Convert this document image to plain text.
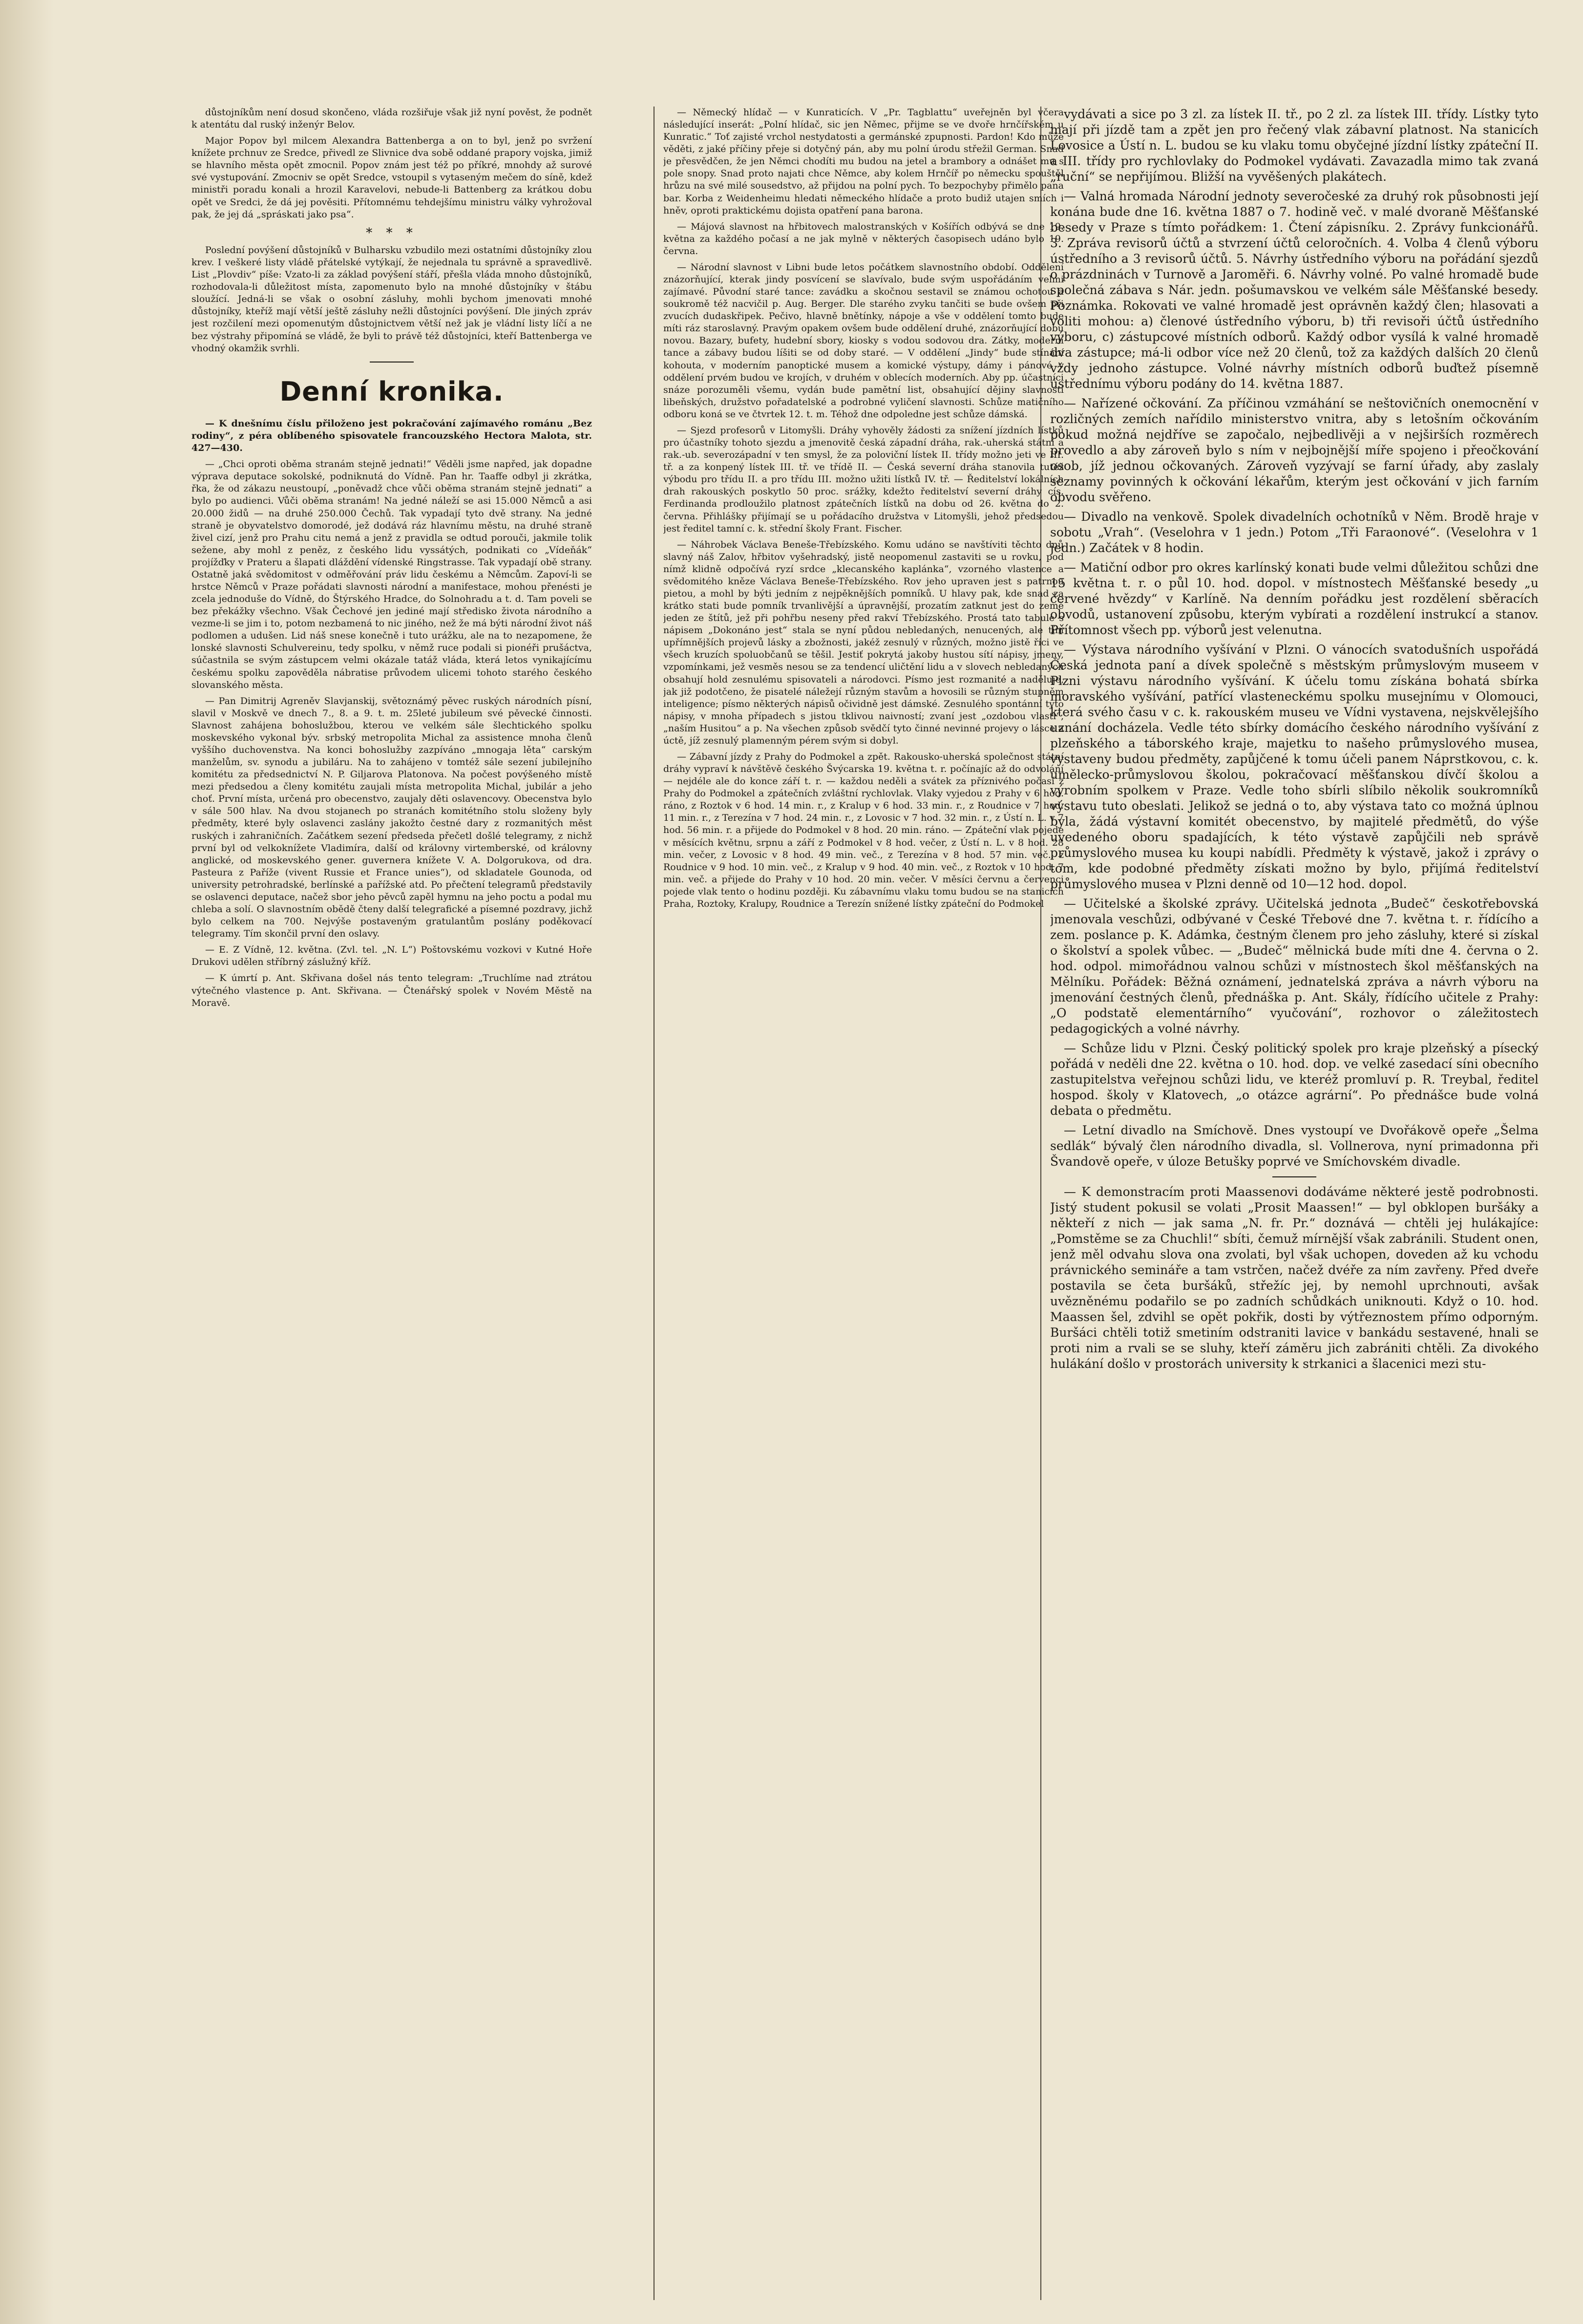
důstojníkům není dosud skončeno, vláda rozšiřuje však již nyní pověst, že podnět k atentátu dal ruský inženýr Belov.

Major Popov byl milcem Alexandra Battenberga a on to byl, jenž po svržení knížete prchnuv ze Sredce, přivedl ze Slivnice dva sobě oddané prapory vojska, jimiž se hlavního města opět zmocnil. Popov znám jest též po příkré, mnohdy až surové své vystupování. Zmocniv se opět Sredce, vstoupil s vytaseným mečem do síně, kdež ministři poradu konali a hrozil Karavelovi, nebude-li Battenberg za krátkou dobu opět ve Sredci, že dá jej pověsiti. Přítomnému tehdejšímu ministru války vyhrožoval pak, že jej dá „spráskati jako psa“.

* * *

Poslední povýšení důstojníků v Bulharsku vzbudilo mezi ostatními důstojníky zlou krev. I veškeré listy vládě přátelské vytýkají, že nejednala tu správně a spravedlivě. List „Plovdiv“ píše: Vzato-li za základ povýšení stáří, přešla vláda mnoho důstojníků, rozhodovala-li důležitost místa, zapomenuto bylo na mnohé důstojníky v štábu sloužící. Jedná-li se však o osobní zásluhy, mohli bychom jmenovati mnohé důstojníky, kteříž mají větší ještě zásluhy nežli důstojníci povýšení. Dle jiných zpráv jest rozčilení mezi opomenutým důstojnictvem větší než jak je vládní listy líčí a ne bez výstrahy připomíná se vládě, že byli to právě též důstojníci, kteří Battenberga ve vhodný okamžik svrhli.

Denní kronika.

— K dnešnímu číslu přiloženo jest pokračování zajímavého románu „Bez rodiny“, z péra oblíbeného spisovatele francouzského Hectora Malota, str. 427—430.

— „Chci oproti oběma stranám stejně jednati!“ Věděli jsme napřed, jak dopadne výprava deputace sokolské, podniknutá do Vídně. Pan hr. Taaffe odbyl ji zkrátka, řka, že od zákazu neustoupí, „poněvadž chce vůči oběma stranám stejně jednati“ a bylo po audienci. Vůči oběma stranám! Na jedné náleží se asi 15.000 Němců a asi 20.000 židů — na druhé 250.000 Čechů. Tak vypadají tyto dvě strany. Na jedné straně je obyvatelstvo domorodé, jež dodává ráz hlavnímu městu, na druhé straně živel cizí, jenž pro Prahu citu nemá a jenž z pravidla se odtud porouči, jakmile tolik sežene, aby mohl z peněz, z českého lidu vyssátých, podnikati co „Vídeňák“ projížďky v Prateru a šlapati dláždění vídenské Ringstrasse. Tak vypadají obě strany. Ostatně jaká svědomitost v odměřování práv lidu českému a Němcům. Zapoví-li se hrstce Němců v Praze pořádati slavnosti národní a manifestace, mohou přenésti je zcela jednoduše do Vídně, do Štýrského Hradce, do Solnohradu a t. d. Tam poveli se bez překážky všechno. Však Čechové jen jediné mají středisko života národního a vezme-li se jim i to, potom nezbamená to nic jiného, než že má býti národní život náš podlomen a udušen. Lid náš snese konečně i tuto urážku, ale na to nezapomene, že lonské slavnosti Schulvereinu, tedy spolku, v němž ruce podali si pionéři prušáctva, súčastnila se svým zástupcem velmi okázale tatáž vláda, která letos vynikajícímu českému spolku zapověděla nábratise průvodem ulicemi tohoto starého českého slovanského města.

— Pan Dimitrij Agreněv Slavjanskij, světoznámý pěvec ruských národních písní, slavil v Moskvě ve dnech 7., 8. a 9. t. m. 25leté jubileum své pěvecké činnosti. Slavnost zahájena bohoslužbou, kterou ve velkém sále šlechtického spolku moskevského vykonal býv. srbský metropolita Michal za assistence mnoha členů vyššího duchovenstva. Na konci bohoslužby zazpíváno „mnogaja lěta“ carským manželům, sv. synodu a jubiláru. Na to zahájeno v tomtéž sále sezení jubilejního komitétu za předsednictví N. P. Giljarova Platonova. Na počest povýšeného místě mezi předsedou a členy komitétu zaujali místa metropolita Michal, jubilár a jeho choť. První místa, určená pro obecenstvo, zaujaly děti oslavencovy. Obecenstva bylo v sále 500 hlav. Na dvou stojanech po stranách komitétního stolu složeny byly předměty, které byly oslavenci zaslány jakožto čestné dary z rozmanitých měst ruských i zahraničních. Začátkem sezení předseda přečetl došlé telegramy, z nichž první byl od velkoknížete Vladimíra, další od královny virtemberské, od královny anglické, od moskevského gener. guvernera knížete V. A. Dolgorukova, od dra. Pasteura z Paříže (vivent Russie et France unies“), od skladatele Gounoda, od university petrohradské, berlínské a pařížské atd. Po přečtení telegramů představily se oslavenci deputace, načež sbor jeho pěvců zapěl hymnu na jeho poctu a podal mu chleba a solí. O slavnostním obědě čteny další telegrafické a písemné pozdravy, jichž bylo celkem na 700. Nejvýše postaveným gratulantům poslány poděkovací telegramy. Tím skončil první den oslavy.

— E. Z Vídně, 12. května. (Zvl. tel. „N. L“) Poštovskému vozkovi v Kutné Hoře Drukovi udělen stříbrný záslužný kříž.

— K úmrtí p. Ant. Skřivana došel nás tento telegram: „Truchlíme nad ztrátou výtečného vlastence p. Ant. Skřivana. — Čtenářský spolek v Novém Městě na Moravě.

— Německý hlídač — v Kunraticích. V „Pr. Tagblattu“ uveřejněn byl včera následující inserát: „Polní hlídač, sic jen Němec, přijme se ve dvoře hrnčířském u Kunratic.“ Toť zajisté vrchol nestydatosti a germánské zpupnosti. Pardon! Kdo může věděti, z jaké příčiny přeje si dotyčný pán, aby mu polní úrodu střežil German. Snad je přesvědčen, že jen Němci chodíti mu budou na jetel a brambory a odnášet mu s pole snopy. Snad proto najati chce Němce, aby kolem Hrnčíř po německu spouštěl hrůzu na své milé sousedstvo, až přijdou na polní pych. To bezpochyby přimělo pana bar. Korba z Weidenheimu hledati německého hlídače a proto budiž utajen smích i hněv, oproti praktickému dojista opatření pana barona.

— Májová slavnost na hřbitovech malostranských v Košířích odbývá se dne 19. května za každého počasí a ne jak mylně v některých časopisech udáno bylo 19. června.

— Národní slavnost v Libni bude letos počátkem slavnostního období. Oddělení znázorňující, kterak jindy posvícení se slavívalo, bude svým uspořádáním velmi zajímavé. Původní staré tance: zavádku a skočnou sestavil se známou ochotou a soukromě též nacvičil p. Aug. Berger. Dle starého zvyku tančiti se bude ovšem při zvucích dudaskřipek. Pečivo, hlavně bnětínky, nápoje a vše v oddělení tomto bude míti ráz staroslavný. Pravým opakem ovšem bude oddělení druhé, znázorňující dobu novou. Bazary, bufety, hudební sbory, kiosky s vodou sodovou dra. Zátky, moderní tance a zábavy budou líšiti se od doby staré. — V oddělení „Jindy“ bude stínání kohouta, v moderním panoptické musem a komické výstupy, dámy i pánové v oddělení prvém budou ve krojích, v druhém v oblecích moderních. Aby pp. účastníci snáze porozuměli všemu, vydán bude pamětní list, obsahující dějiny slavnosti libeňských, družstvo pořadatelské a podrobné vyličení slavnosti. Schůze matičního odboru koná se ve čtvrtek 12. t. m. Téhož dne odpoledne jest schůze dámská.

— Sjezd profesorů v Litomyšli. Dráhy vyhověly žádosti za snížení jízdních lístků pro účastníky tohoto sjezdu a jmenovitě česká západní dráha, rak.-uherská státní a rak.-ub. severozápadní v ten smysl, že za poloviční lístek II. třídy možno jeti ve III. tř. a za konpený lístek III. tř. ve třídě II. — Česká severní dráha stanovila tutéž výbodu pro třídu II. a pro třídu III. možno užiti lístků IV. tř. — Ředitelství lokálních drah rakouských poskytlo 50 proc. srážky, kdežto ředitelství severní dráhy cís. Ferdinanda prodloužilo platnost zpátečních lístků na dobu od 26. května do 2. června. Přihlášky přijímají se u pořádacího družstva v Litomyšli, jehož předsedou jest ředitel tamní c. k. střední školy Frant. Fischer.

— Náhrobek Václava Beneše-Třebízského. Komu udáno se navštíviti těchto dnů slavný náš Zalov, hřbitov vyšehradský, jistě neopomenul zastaviti se u rovku, pod nímž klidně odpočívá ryzí srdce „klecanského kaplánka“, vzorného vlastence a svědomitého kněze Václava Beneše-Třebízského. Rov jeho upraven jest s patrnou pietou, a mohl by býti jedním z nejpěknějších pomníků. U hlavy pak, kde snad za krátko stati bude pomník trvanlivější a úpravnější, prozatím zatknut jest do země jeden ze štítů, jež při pohřbu neseny před rakví Třebízského. Prostá tato tabule s nápisem „Dokonáno jest“ stala se nyní půdou nebledaných, nenucených, ale tím upřímnějších projevů lásky a zbožnosti, jakéž zesnulý v různých, možno jistě říci ve všech kruzích spoluobčanů se těšil. Jestiť pokrytá jakoby hustou sítí nápisy, jmeny, vzpomínkami, jež vesměs nesou se za tendencí uličtění lidu a v slovech nebledaných obsahují hold zesnulému spisovateli a národovci. Písmo jest rozmanité a naděluje, jak již podotčeno, že pisatelé náležejí různým stavům a hovosili se různým stupněm inteligence; písmo některých nápisů očividně jest dámské. Zesnulého spontánní tyto nápisy, v mnoha případech s jistou tklivou naivností; zvaní jest „ozdobou vlasti“, „naším Husitou“ a p. Na všechen způsob svědčí tyto činné nevinné projevy o lásce a úctě, jíž zesnulý plamenným pérem svým si dobyl.

— Zábavní jízdy z Prahy do Podmokel a zpět. Rakousko-uherská společnost státní dráhy vypraví k návštěvě českého Švýcarska 19. května t. r. počínajíc až do odvolání — nejdéle ale do konce září t. r. — každou neděli a svátek za příznivého počasí z Prahy do Podmokel a zpátečních zvláštní rychlovlak. Vlaky vyjedou z Prahy v 6 hod. ráno, z Roztok v 6 hod. 14 min. r., z Kralup v 6 hod. 33 min. r., z Roudnice v 7 hod. 11 min. r., z Terezína v 7 hod. 24 min. r., z Lovosic v 7 hod. 32 min. r., z Ústí n. L. v 7 hod. 56 min. r. a přijede do Podmokel v 8 hod. 20 min. ráno. — Zpáteční vlak pojede v měsících květnu, srpnu a září z Podmokel v 8 hod. večer, z Ústí n. L. v 8 hod. 28 min. večer, z Lovosic v 8 hod. 49 min. več., z Terezína v 8 hod. 57 min. več., z Roudnice v 9 hod. 10 min. več., z Kralup v 9 hod. 40 min. več., z Roztok v 10 hod. 7 min. več. a přijede do Prahy v 10 hod. 20 min. večer. V měsíci červnu a červenci pojede vlak tento o hodinu později. Ku zábavnímu vlaku tomu budou se na stanicích Praha, Roztoky, Kralupy, Roudnice a Terezín snížené lístky zpáteční do Podmokel

vydávati a sice po 3 zl. za lístek II. tř., po 2 zl. za lístek III. třídy. Lístky tyto mají při jízdě tam a zpět jen pro řečený vlak zábavní platnost. Na stanicích Lovosice a Ústí n. L. budou se ku vlaku tomu obyčejné jízdní lístky zpáteční II. a III. třídy pro rychlovlaky do Podmokel vydávati. Zavazadla mimo tak zvaná „ruční“ se nepřijímou. Bližší na vyvěšených plakátech.

— Valná hromada Národní jednoty severočeské za druhý rok působnosti její konána bude dne 16. května 1887 o 7. hodině več. v malé dvoraně Měšťanské besedy v Praze s tímto pořádkem: 1. Čtení zápisníku. 2. Zprávy funkcionářů. 3. Zpráva revisorů účtů a stvrzení účtů celoročních. 4. Volba 4 členů výboru ústředního a 3 revisorů účtů. 5. Návrhy ústředního výboru na pořádání sjezdů o prázdninách v Turnově a Jaroměři. 6. Návrhy volné. Po valné hromadě bude společná zábava s Nár. jedn. pošumavskou ve velkém sále Měšťanské besedy. Poznámka. Rokovati ve valné hromadě jest oprávněn každý člen; hlasovati a voliti mohou: a) členové ústředního výboru, b) tři revisoři účtů ústředního výboru, c) zástupcové místních odborů. Každý odbor vysílá k valné hromadě dva zástupce; má-li odbor více než 20 členů, tož za každých dalších 20 členů vždy jednoho zástupce. Volné návrhy místních odborů buďtež písemně ústřednímu výboru podány do 14. května 1887.

— Nařízené očkování. Za příčinou vzmáhání se neštovičních onemocnění v rozličných zemích nařídilo ministerstvo vnitra, aby s letošním očkováním pokud možná nejdříve se započalo, nejbedlivěji a v nejširších rozměrech provedlo a aby zároveň bylo s ním v nejbojnější míře spojeno i přeočkování osob, jíž jednou očkovaných. Zároveň vyzývají se farní úřady, aby zaslaly seznamy povinných k očkování lékařům, kterým jest očkování v jich farním obvodu svěřeno.

— Divadlo na venkově. Spolek divadelních ochotníků v Něm. Brodě hraje v sobotu „Vrah“. (Veselohra v 1 jedn.) Potom „Tři Faraonové“. (Veselohra v 1 jedn.) Začátek v 8 hodin.

— Matiční odbor pro okres karlínský konati bude velmi důležitou schůzi dne 15 května t. r. o půl 10. hod. dopol. v místnostech Měšťanské besedy „u červené hvězdy“ v Karlíně. Na denním pořádku jest rozdělení sběracích obvodů, ustanovení způsobu, kterým vybírati a rozdělení instrukcí a stanov. Přítomnost všech pp. výborů jest velenutna.

— Výstava národního vyšívání v Plzni. O vánocích svatodušních uspořádá Česká jednota paní a dívek společně s městským průmyslovým museem v Plzni výstavu národního vyšívání. K účelu tomu získána bohatá sbírka moravského vyšívání, patřící vlasteneckému spolku musejnímu v Olomouci, která svého času v c. k. rakouském museu ve Vídni vystavena, nejskvělejšího uznání docházela. Vedle této sbírky domácího českého národního vyšívání z plzeňského a táborského kraje, majetku to našeho průmyslového musea, vystaveny budou předměty, zapůjčené k tomu účeli panem Náprstkovou, c. k. umělecko-průmyslovou školou, pokračovací měšťanskou dívčí školou a výrobním spolkem v Praze. Vedle toho sbírli slíbilo několik soukromníků výstavu tuto obeslati. Jelikož se jedná o to, aby výstava tato co možná úplnou byla, žádá výstavní komitét obecenstvo, by majitelé předmětů, do výše uvedeného oboru spadajících, k této výstavě zapůjčili neb správě průmyslového musea ku koupi nabídli. Předměty k výstavě, jakož i zprávy o tom, kde podobné předměty získati možno by bylo, přijímá ředitelství průmyslového musea v Plzni denně od 10—12 hod. dopol.

— Učitelské a školské zprávy. Učitelská jednota „Budeč“ českotřebovská jmenovala veschůzi, odbývané v České Třebové dne 7. května t. r. řídícího a zem. poslance p. K. Adámka, čestným členem pro jeho zásluhy, které si získal o školství a spolek vůbec. — „Budeč“ mělnická bude míti dne 4. června o 2. hod. odpol. mimořádnou valnou schůzi v místnostech škol měšťanských na Mělníku. Pořádek: Běžná oznámení, jednatelská zpráva a návrh výboru na jmenování čestných členů, přednáška p. Ant. Skály, řídícího učitele z Prahy: „O podstatě elementárního“ vyučování“, rozhovor o záležitostech pedagogických a volné návrhy.

— Schůze lidu v Plzni. Český politický spolek pro kraje plzeňský a písecký pořádá v neděli dne 22. května o 10. hod. dop. ve velké zasedací síni obecního zastupitelstva veřejnou schůzi lidu, ve kteréž promluví p. R. Treybal, ředitel hospod. školy v Klatovech, „o otázce agrární“. Po přednášce bude volná debata o předmětu.

— Letní divadlo na Smíchově. Dnes vystoupí ve Dvořákově opeře „Šelma sedlák“ bývalý člen národního divadla, sl. Vollnerova, nyní primadonna při Švandově opeře, v úloze Betušky poprvé ve Smíchovském divadle.

— K demonstracím proti Maassenovi dodáváme některé jestě podrobnosti. Jistý student pokusil se volati „Prosit Maassen!“ — byl obklopen buršáky a někteří z nich — jak sama „N. fr. Pr.“ doznává — chtěli jej hulákajíce: „Pomstěme se za Chuchli!“ sbíti, čemuž mírnější však zabránili. Student onen, jenž měl odvahu slova ona zvolati, byl však uchopen, doveden až ku vchodu právnického semináře a tam vstrčen, načež dvéře za ním zavřeny. Před dveře postavila se četa buršáků, střežíc jej, by nemohl uprchnouti, avšak uvězněnému podařilo se po zadních schůdkách uniknouti. Když o 10. hod. Maassen šel, zdvihl se opět pokřik, dosti by výtřeznostem přímo odporným. Buršáci chtěli totiž smetiním odstraniti lavice v bankádu sestavené, hnali se proti nim a rvali se se sluhy, kteří záměru jich zabrániti chtěli. Za divokého hulákání došlo v prostorách university k strkanici a šlacenici mezi stu-
